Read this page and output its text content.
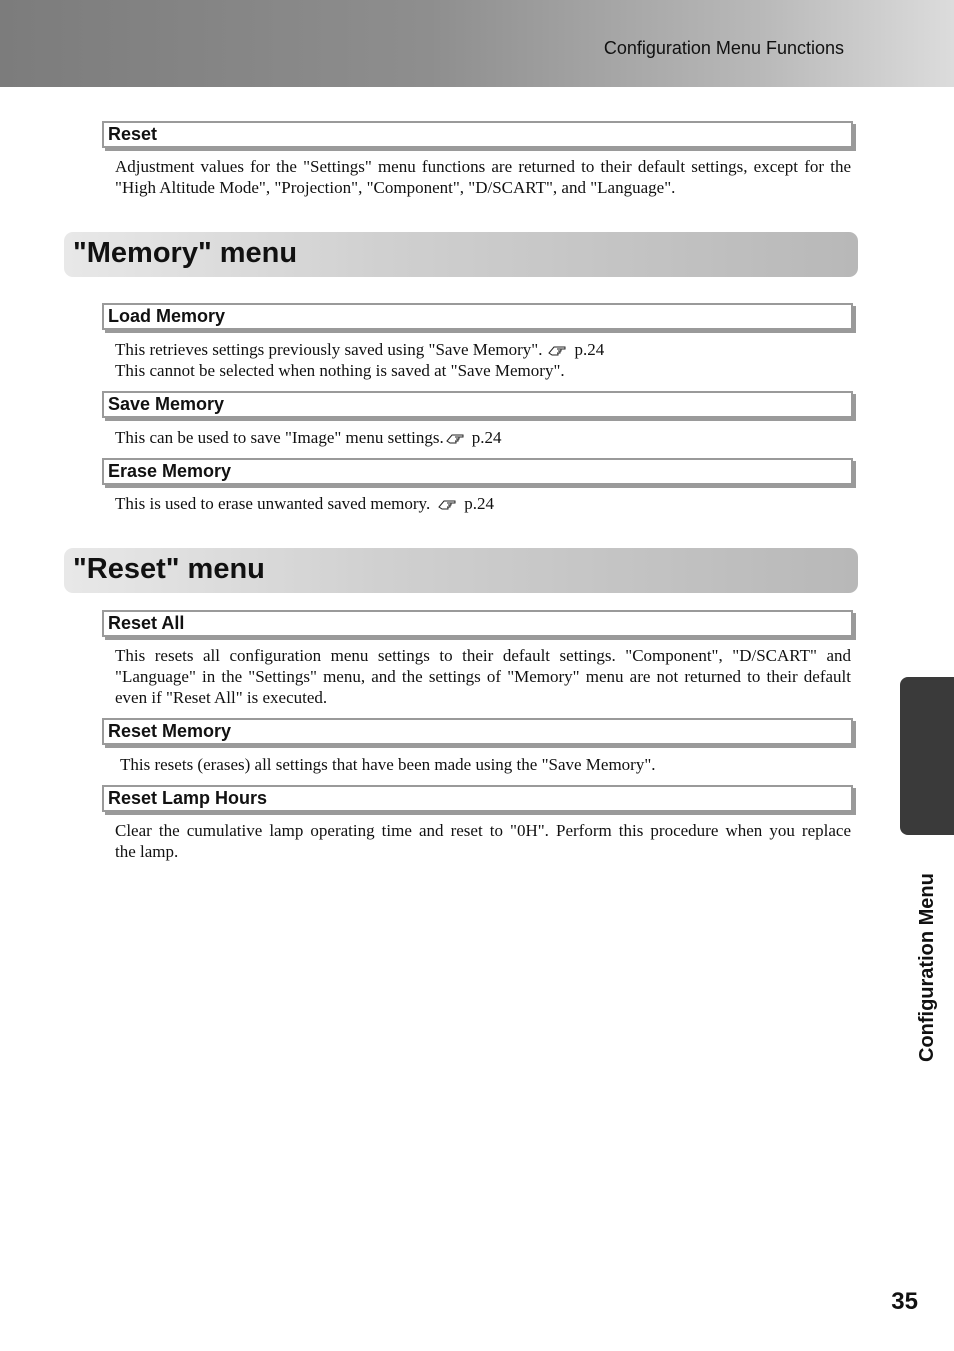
Configuration Menu Functions
Reset
Adjustment values for the "Settings" menu functions are returned to their default settings, except for the
"High Altitude Mode", "Projection", "Component", "D/SCART", and "Language".
"Memory" menu
Load Memory
This retrieves settings previously saved using "Save Memory". p.24
This cannot be selected when nothing is saved at "Save Memory".
Save Memory
This can be used to save "Image" menu settings. p.24
Erase Memory
This is used to erase unwanted saved memory. p.24
"Reset" menu
Reset All
This resets all configuration menu settings to their default settings. "Component", "D/SCART" and
"Language" in the "Settings" menu, and the settings of "Memory" menu are not returned to their default
even if "Reset All" is executed.
Reset Memory
This resets (erases) all settings that have been made using the "Save Memory".
Reset Lamp Hours
Clear the cumulative lamp operating time and reset to "0H". Perform this procedure when you replace
the lamp.
Configuration Menu
35
